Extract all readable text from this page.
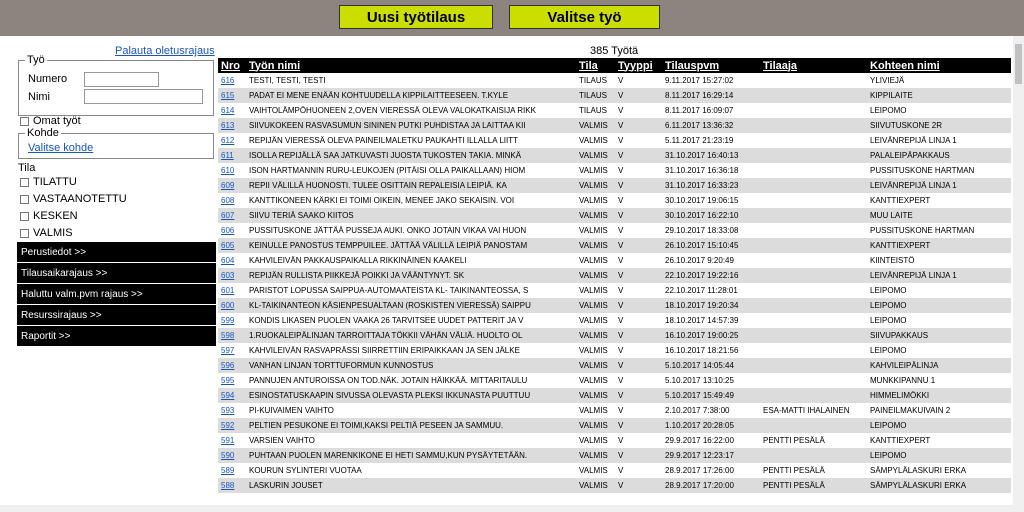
Uusi työtilaus	Valitse työ
Palauta oletusrajaus
Työ
Numero
Nimi
Omat työt
Kohde
Valitse kohde
Tila
TILATTU
VASTAANOTETTU
KESKEN
VALMIS
Perustiedot >>
Tilausaikarajaus >>
Haluttu valm.pvm rajaus >>
Resurssirajaus >>
Raportit >>
385 Työtä
Nro	Työn nimi	Tila	Tyyppi	Tilauspvm	Tilaaja	Kohteen nimi
616	TESTI, TESTI, TESTI	TILAUS	V	9.11.2017 15:27:02		YLIVIEJÄ
615	PADAT EI MENE ENÄÄN KOHTUUDELLA KIPPILAITTEESEEN. T.KYLE	TILAUS	V	8.11.2017 16:29:14		KIPPILAITE
614	VAIHTOLÄMPÖHUONEEN 2,OVEN VIERESSÄ OLEVA VALOKATKAISIJA RIKK	TILAUS	V	8.11.2017 16:09:07		LEIPOMO
613	SIIVUKOKEEN RASVASUMUN SININEN PUTKI PUHDISTAA JA LAITTAA KII	VALMIS	V	6.11.2017 13:36:32		SIIVUTUSKONE 2R
612	REPIJÄN VIERESSÄ OLEVA PAINEILMALETKU PAUKAHTI ILLALLA LIITT	VALMIS	V	5.11.2017 21:23:19		LEIVÄNREPIJÄ LINJA 1
611	ISOLLA REPIJÄLLÄ SAA JATKUVASTI JUOSTA TUKOSTEN TAKIA. MINKÄ	VALMIS	V	31.10.2017 16:40:13		PALALEIPÄPAKKAUS
610	ISON HARTMANNIN RURU-LEUKOJEN (PITÄISI OLLA PAIKALLAAN) HIOM	VALMIS	V	31.10.2017 16:36:18		PUSSITUSKONE HARTMAN
609	REPII VÄLILLÄ HUONOSTI. TULEE OSITTAIN REPALEISIA LEIPIÄ. KA	VALMIS	V	31.10.2017 16:33:23		LEIVÄNREPIJÄ LINJA 1
608	KANTTIKONEEN KÄRKI EI TOIMI OIKEIN, MENEE JAKO SEKAISIN. VOI	VALMIS	V	30.10.2017 19:06:15		KANTTIEXPERT
607	SIIVU TERIÄ SAAKO KIITOS	VALMIS	V	30.10.2017 16:22:10		MUU LAITE
606	PUSSITUSKONE JÄTTÄÄ PUSSEJA AUKI. ONKO JOTAIN VIKAA VAI HUON	VALMIS	V	29.10.2017 18:33:08		PUSSITUSKONE HARTMAN
605	KEINULLE PANOSTUS TEMPPUILEE. JÄTTÄÄ VÄLILLÄ LEIPIÄ PANOSTAM	VALMIS	V	26.10.2017 15:10:45		KANTTIEXPERT
604	KAHVILEIVÄN PAKKAUSPAIKALLA RIKKINÄINEN KAAKELI	VALMIS	V	26.10.2017 9:20:49		KIINTEISTÖ
603	REPIJÄN RULLISTA PIIKKEJÄ POIKKI JA VÄÄNTYNYT. SK	VALMIS	V	22.10.2017 19:22:16		LEIVÄNREPIJÄ LINJA 1
601	PARISTOT LOPUSSA SAIPPUA-AUTOMAATEISTA KL- TAIKINANTEOSSA, S	VALMIS	V	22.10.2017 11:28:01		LEIPOMO
600	KL-TAIKINANTEON KÄSIENPESUALTAAN (ROSKISTEN VIERESSÄ) SAIPPU	VALMIS	V	18.10.2017 19:20:34		LEIPOMO
599	KONDIS LIKASEN PUOLEN VAAKA 26 TARVITSEE UUDET PATTERIT JA V	VALMIS	V	18.10.2017 14:57:39		LEIPOMO
598	1.RUOKALEIPÄLINJAN TARROITTAJA TÖKKII VÄHÄN VÄLIÄ. HUOLTO OL	VALMIS	V	16.10.2017 19:00:25		SIIVUPAKKAUS
597	KAHVILEIVÄN RASVAPRÄSSI SIIRRETTIIN ERIPAIKKAAN JA SEN JÄLKE	VALMIS	V	16.10.2017 18:21:56		LEIPOMO
596	VANHAN LINJAN TORTTUFORMUN KUNNOSTUS	VALMIS	V	5.10.2017 14:05:44		KAHVILEIPÄLINJA
595	PANNUJEN ANTUROISSA ON TOD.NÄK. JOTAIN HÄIKKÄÄ. MITTARITAULU	VALMIS	V	5.10.2017 13:10:25		MUNKKIPANNU 1
594	ESINOSTATUSKAAPIN SIVUSSA OLEVASTA PLEKSI IKKUNASTA PUUTTUU	VALMIS	V	5.10.2017 15:49:49		HIMMELIMÖKKI
593	PI-KUIVAIMEN VAIHTO	VALMIS	V	2.10.2017 7:38:00	ESA-MATTI IHALAINEN	PAINEILMAKUIVAIN 2
592	PELTIEN PESUKONE EI TOIMI,KAKSI PELTIÄ PESEEN JA SAMMUU.	VALMIS	V	1.10.2017 20:28:05		LEIPOMO
591	VARSIEN VAIHTO	VALMIS	V	29.9.2017 16:22:00	PENTTI PESÄLÄ	KANTTIEXPERT
590	PUHTAAN PUOLEN MARENKIKONE EI HETI SAMMU,KUN PYSÄYTETÄÄN.	VALMIS	V	29.9.2017 12:23:17		LEIPOMO
589	KOURUN SYLINTERI VUOTAA	VALMIS	V	28.9.2017 17:26:00	PENTTI PESÄLÄ	SÄMPYLÄLASKURI ERKA
588	LASKURIN JOUSET	VALMIS	V	28.9.2017 17:20:00	PENTTI PESÄLÄ	SÄMPYLÄLASKURI ERKA
